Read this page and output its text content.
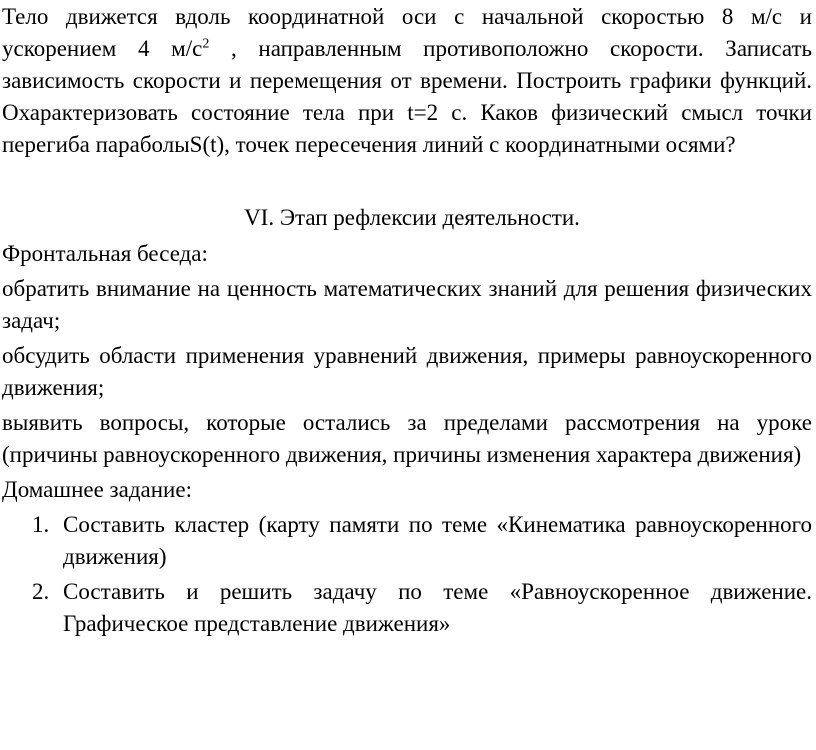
Тело движется вдоль координатной оси с начальной скоростью 8 м/с и ускорением 4 $м/с^2$ , направленным противоположно скорости. Записать зависимость скорости и перемещения от времени. Построить графики функций. Охарактеризовать состояние тела при t=2 с. Каков физический смысл точки перегиба параболыS(t), точек пересечения линий с координатными осями?

VI. Этап рефлексии деятельности.

Фронтальная беседа:

обратить внимание на ценность математических знаний для решения физических задач;

обсудить области применения уравнений движения, примеры равноускоренного движения;

выявить вопросы, которые остались за пределами рассмотрения на уроке (причины равноускоренного движения, причины изменения характера движения)

Домашнее задание:

1. Составить кластер (карту памяти по теме «Кинематика равноускоренного движения)
2. Составить и решить задачу по теме «Равноускоренное движение. Графическое представление движения»
